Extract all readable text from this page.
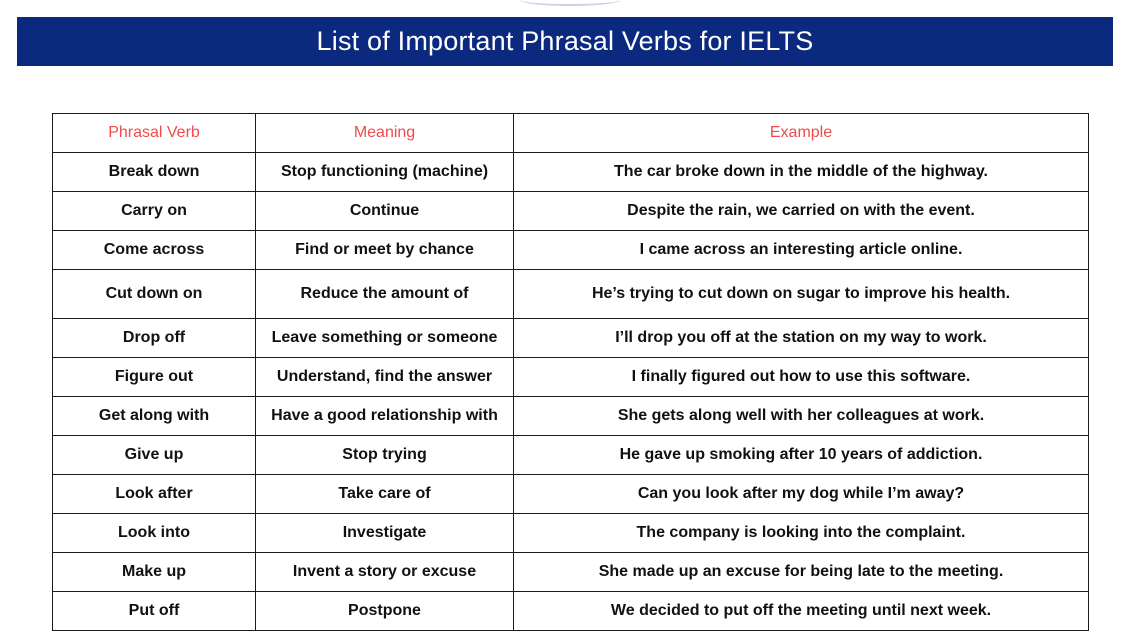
List of Important Phrasal Verbs for IELTS
Phrasal Verb	Meaning	Example
Break down	Stop functioning (machine)	The car broke down in the middle of the highway.
Carry on	Continue	Despite the rain, we carried on with the event.
Come across	Find or meet by chance	I came across an interesting article online.
Cut down on	Reduce the amount of	He’s trying to cut down on sugar to improve his health.
Drop off	Leave something or someone	I’ll drop you off at the station on my way to work.
Figure out	Understand, find the answer	I finally figured out how to use this software.
Get along with	Have a good relationship with	She gets along well with her colleagues at work.
Give up	Stop trying	He gave up smoking after 10 years of addiction.
Look after	Take care of	Can you look after my dog while I’m away?
Look into	Investigate	The company is looking into the complaint.
Make up	Invent a story or excuse	She made up an excuse for being late to the meeting.
Put off	Postpone	We decided to put off the meeting until next week.
